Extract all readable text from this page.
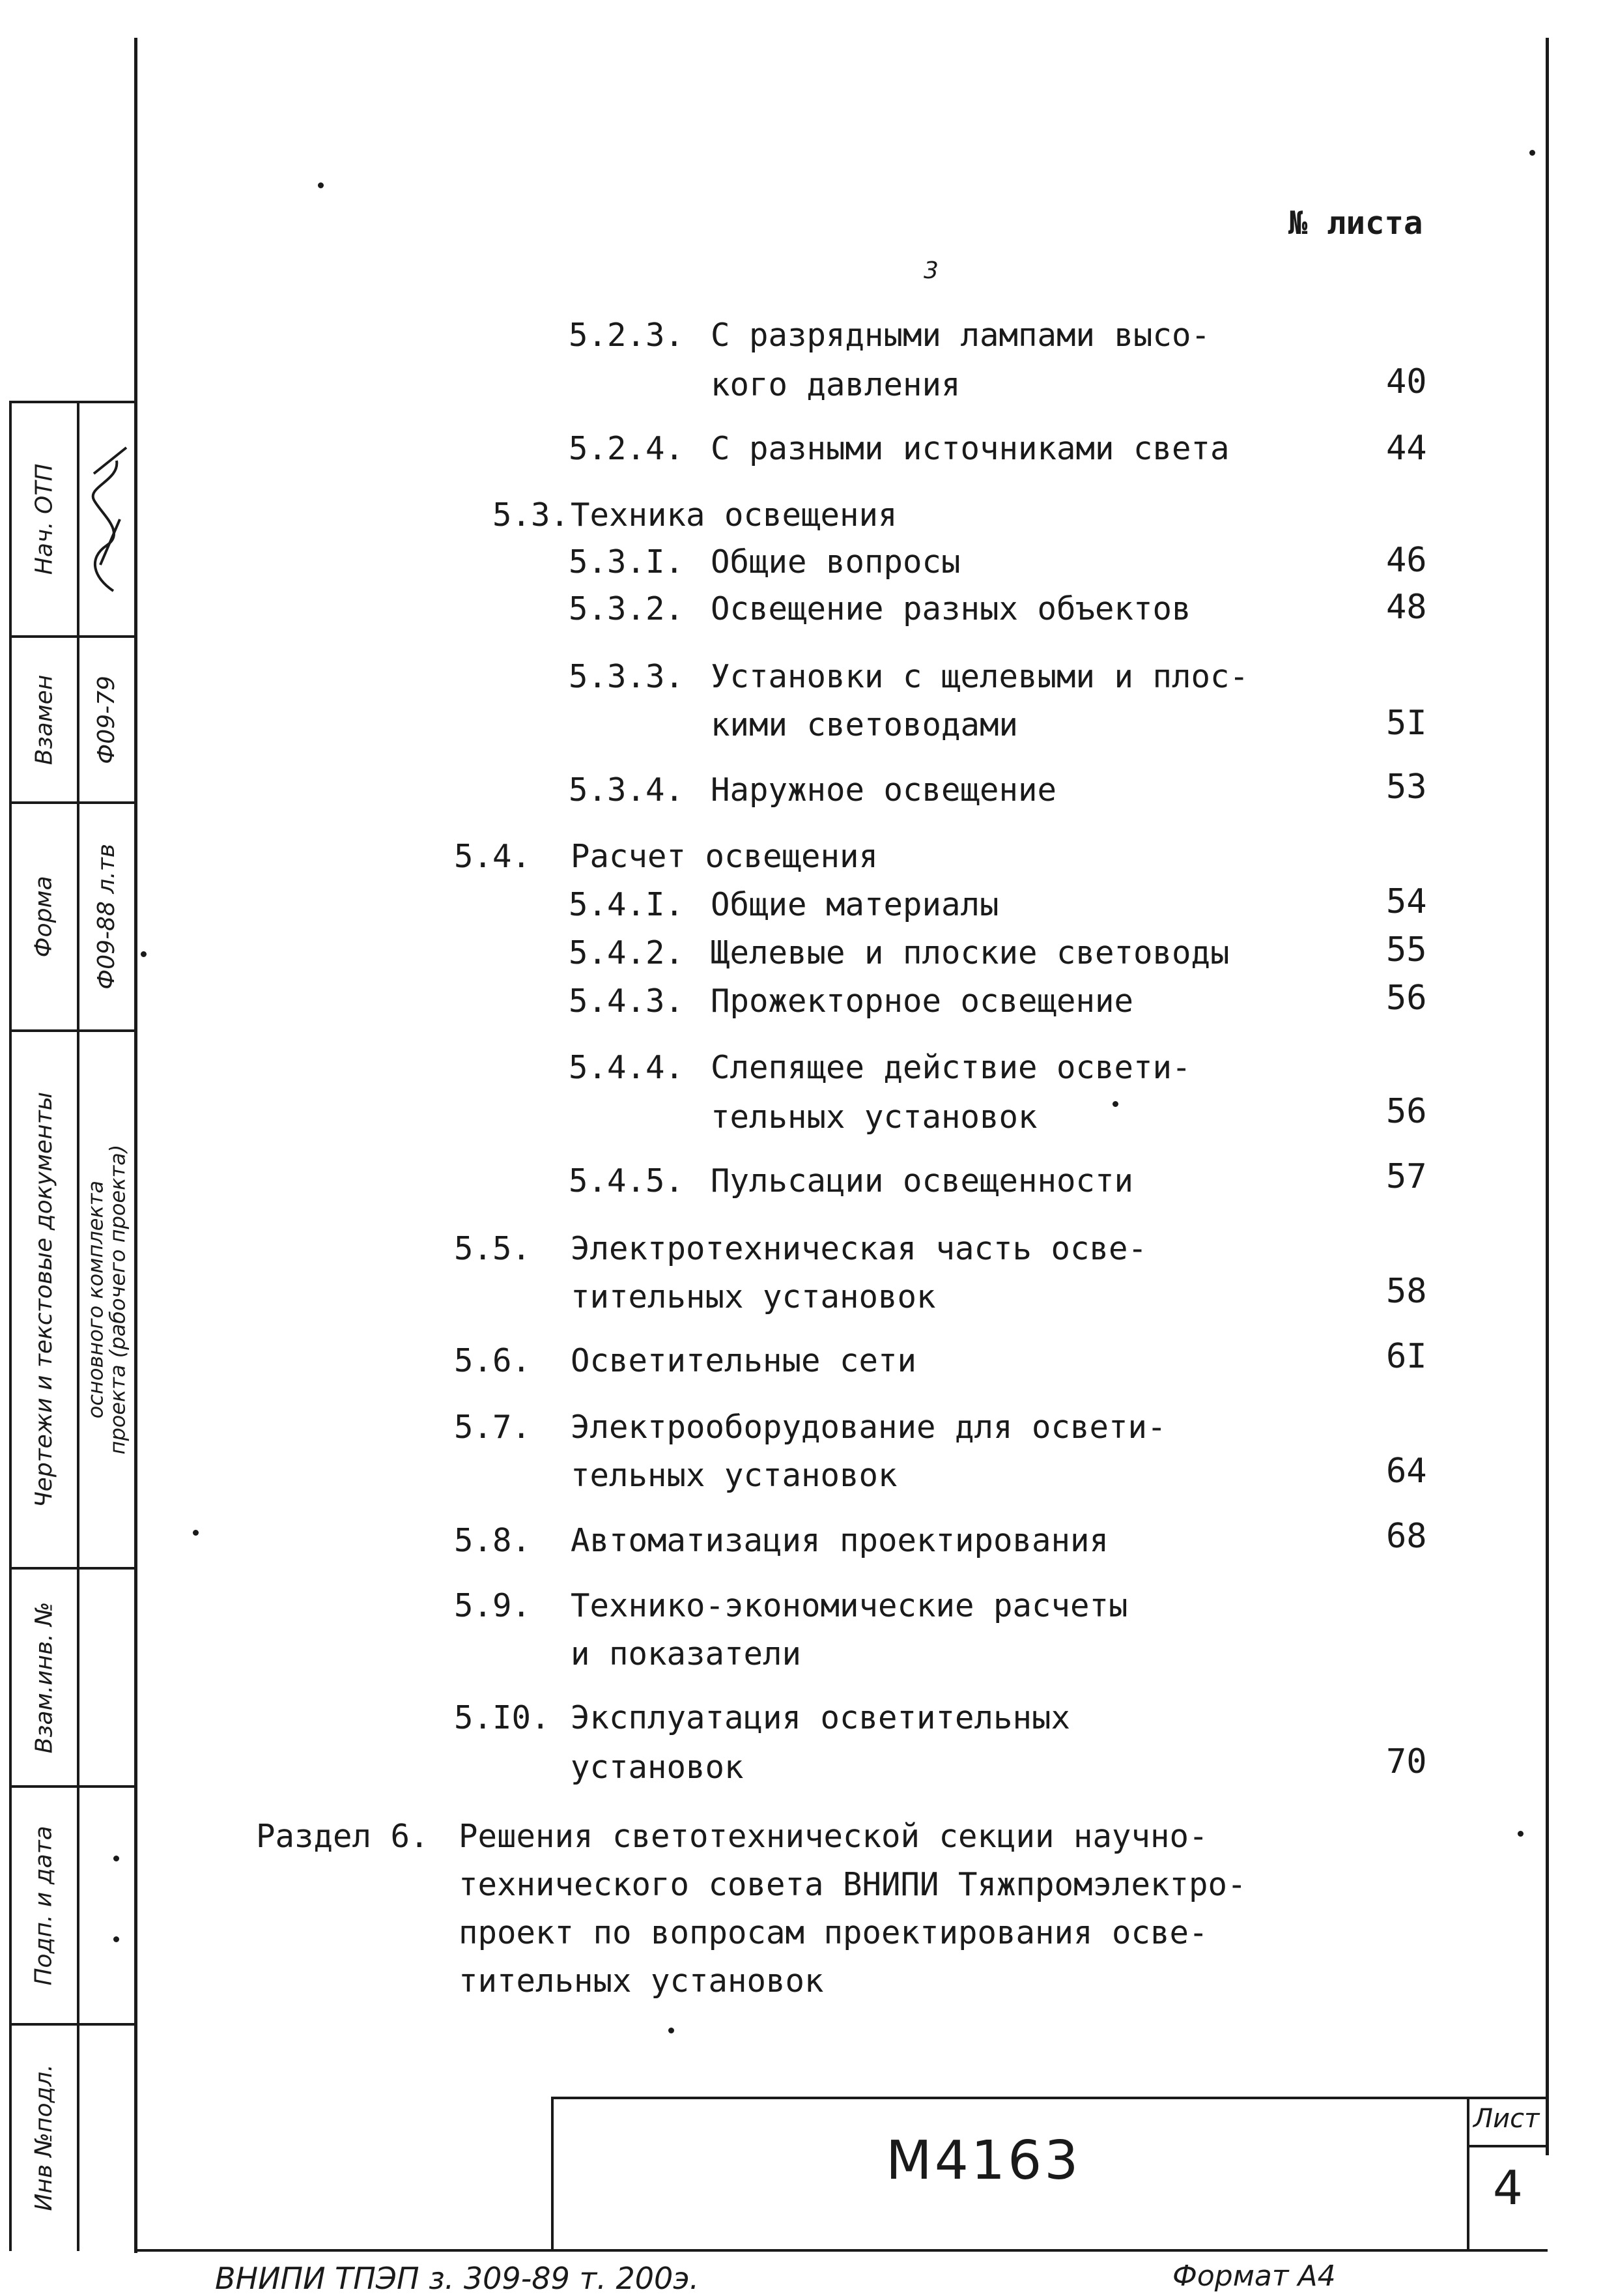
Нач. ОТП
Взамен Ф09-79
Форма Ф09-88 л.тв
Чертежи и текстовые документы основного комплекта
проекта (рабочего проекта)
Взам.инв. №
Подп. и дата
Инв №подл.
№ листа
3
5.2.3. С разрядными лампами высо-
кого давления	40
5.2.4. С разными источниками света	44
5.3. Техника освещения
5.3.I. Общие вопросы	46
5.3.2. Освещение разных объектов	48
5.3.3. Установки с щелевыми и плос-
кими световодами	5I
5.3.4. Наружное освещение	53
5.4. Расчет освещения
5.4.I. Общие материалы	54
5.4.2. Щелевые и плоские световоды	55
5.4.3. Прожекторное освещение	56
5.4.4. Слепящее действие освети-
тельных установок	56
5.4.5. Пульсации освещенности	57
5.5. Электротехническая часть осве-
тительных установок	58
5.6. Осветительные сети	6I
5.7. Электрооборудование для освети-
тельных установок	64
5.8. Автоматизация проектирования	68
5.9. Технико-экономические расчеты
и показатели
5.I0. Эксплуатация осветительных
установок	70
Раздел 6. Решения светотехнической секции научно-
технического совета ВНИПИ Тяжпромэлектро-
проект по вопросам проектирования осве-
тительных установок
М4163
Лист
4
ВНИПИ ТПЭП з. 309-89 т. 200э.	Формат А4
